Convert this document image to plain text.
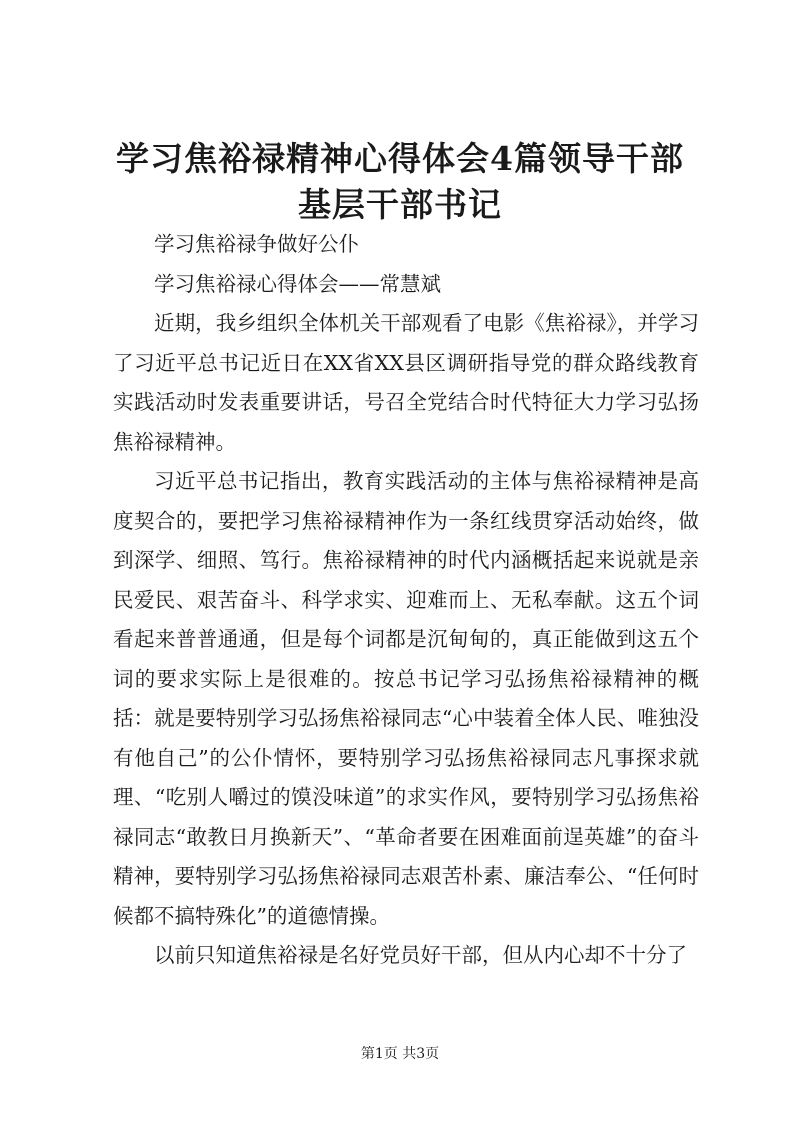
学习焦裕禄精神心得体会4篇领导干部基层干部书记

学习焦裕禄争做好公仆

学习焦裕禄心得体会——常慧斌

近期，我乡组织全体机关干部观看了电影《焦裕禄》，并学习了习近平总书记近日在XX省XX县区调研指导党的群众路线教育实践活动时发表重要讲话，号召全党结合时代特征大力学习弘扬焦裕禄精神。

习近平总书记指出，教育实践活动的主体与焦裕禄精神是高度契合的，要把学习焦裕禄精神作为一条红线贯穿活动始终，做到深学、细照、笃行。焦裕禄精神的时代内涵概括起来说就是亲民爱民、艰苦奋斗、科学求实、迎难而上、无私奉献。这五个词看起来普普通通，但是每个词都是沉甸甸的，真正能做到这五个词的要求实际上是很难的。按总书记学习弘扬焦裕禄精神的概括：就是要特别学习弘扬焦裕禄同志“心中装着全体人民、唯独没有他自己”的公仆情怀，要特别学习弘扬焦裕禄同志凡事探求就理、“吃别人嚼过的馍没味道”的求实作风，要特别学习弘扬焦裕禄同志“敢教日月换新天”、“革命者要在困难面前逞英雄”的奋斗精神，要特别学习弘扬焦裕禄同志艰苦朴素、廉洁奉公、“任何时候都不搞特殊化”的道德情操。

以前只知道焦裕禄是名好党员好干部，但从内心却不十分了

第1页 共3页
